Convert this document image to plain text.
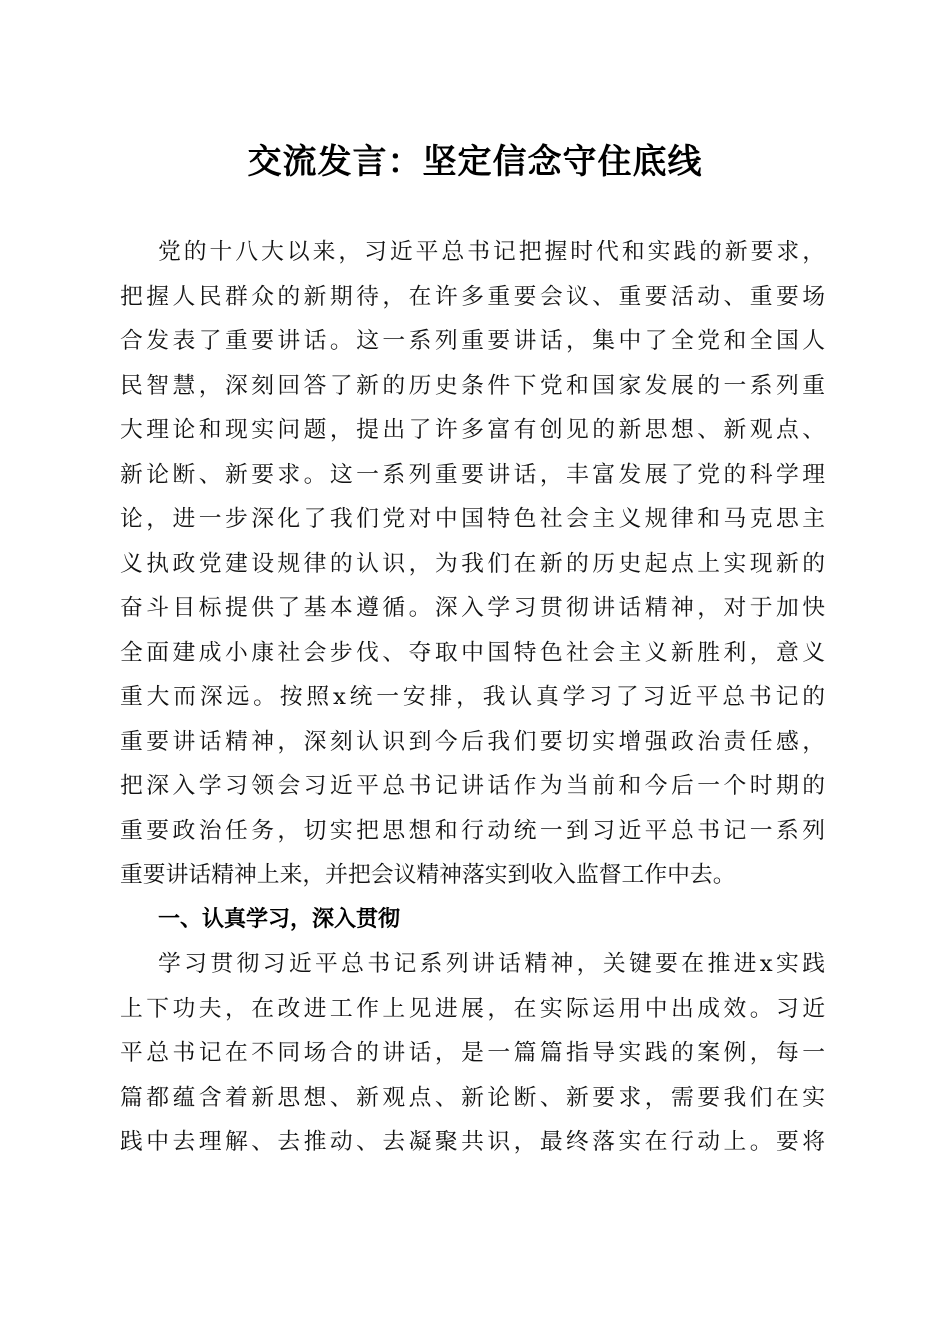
交流发言：坚定信念守住底线
党的十八大以来，习近平总书记把握时代和实践的新要求，
把握人民群众的新期待，在许多重要会议、重要活动、重要场
合发表了重要讲话。这一系列重要讲话，集中了全党和全国人
民智慧，深刻回答了新的历史条件下党和国家发展的一系列重
大理论和现实问题，提出了许多富有创见的新思想、新观点、
新论断、新要求。这一系列重要讲话，丰富发展了党的科学理
论，进一步深化了我们党对中国特色社会主义规律和马克思主
义执政党建设规律的认识，为我们在新的历史起点上实现新的
奋斗目标提供了基本遵循。深入学习贯彻讲话精神，对于加快
全面建成小康社会步伐、夺取中国特色社会主义新胜利，意义
重大而深远。按照x统一安排，我认真学习了习近平总书记的
重要讲话精神，深刻认识到今后我们要切实增强政治责任感，
把深入学习领会习近平总书记讲话作为当前和今后一个时期的
重要政治任务，切实把思想和行动统一到习近平总书记一系列
重要讲话精神上来，并把会议精神落实到收入监督工作中去。
一、认真学习，深入贯彻
学习贯彻习近平总书记系列讲话精神，关键要在推进x实践
上下功夫，在改进工作上见进展，在实际运用中出成效。习近
平总书记在不同场合的讲话，是一篇篇指导实践的案例，每一
篇都蕴含着新思想、新观点、新论断、新要求，需要我们在实
践中去理解、去推动、去凝聚共识，最终落实在行动上。要将
